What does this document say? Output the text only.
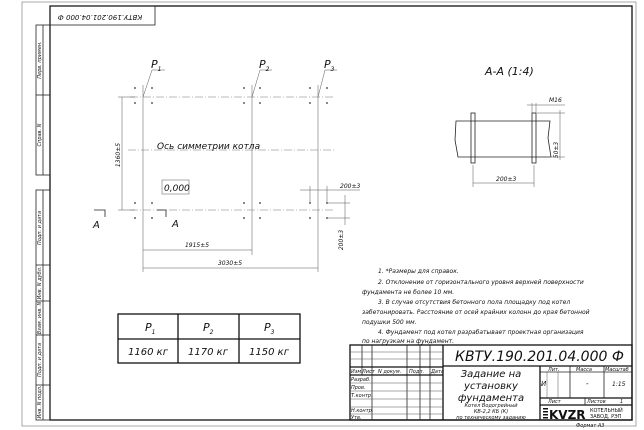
КВТУ.190.201.04.000 Ф
Перв. примен.
Справ. N
Подп. и дата
Инв. N дубл.
Взам. инв. N
Подп. и дата
Инв. N подл.
$P_1$	$P_2$	$P_3$
Ось симметрии котла
0,000
1360±5
1915±5
3030±5
200±3
200±3
A	A
А-А (1:4)
200±3
M16
50±3
1. *Размеры для справок.
2. Отклонение от горизонтального уровня верхней поверхности
фундамента не более 10 мм.
3. В случае отсутствия бетонного пола площадку под котел
забетонировать. Расстояние от осей крайних колонн до края бетонной
подушки 500 мм.
4. Фундамент под котел разрабатывает проектная организация
по нагрузкам на фундамент.
$P_1$	$P_2$	$P_3$
1160 кг 1170 кг 1150 кг
Изм. Лист N докум. Подп. Дата
Разраб.
Пров.
Т.контр.
Н.контр.
Утв.
КВТУ.190.201.04.000 Ф
Задание на
установку
фундамента
Котел Водогрейный
КВ-2,2 КБ (К)
по техническому заданию
Лит.	Масса	Масштаб
И	-	1:15
Лист	Листов	1
KVZR КОТЕЛЬНЫЙ
ЗАВОД, РЭП
Формат А3
